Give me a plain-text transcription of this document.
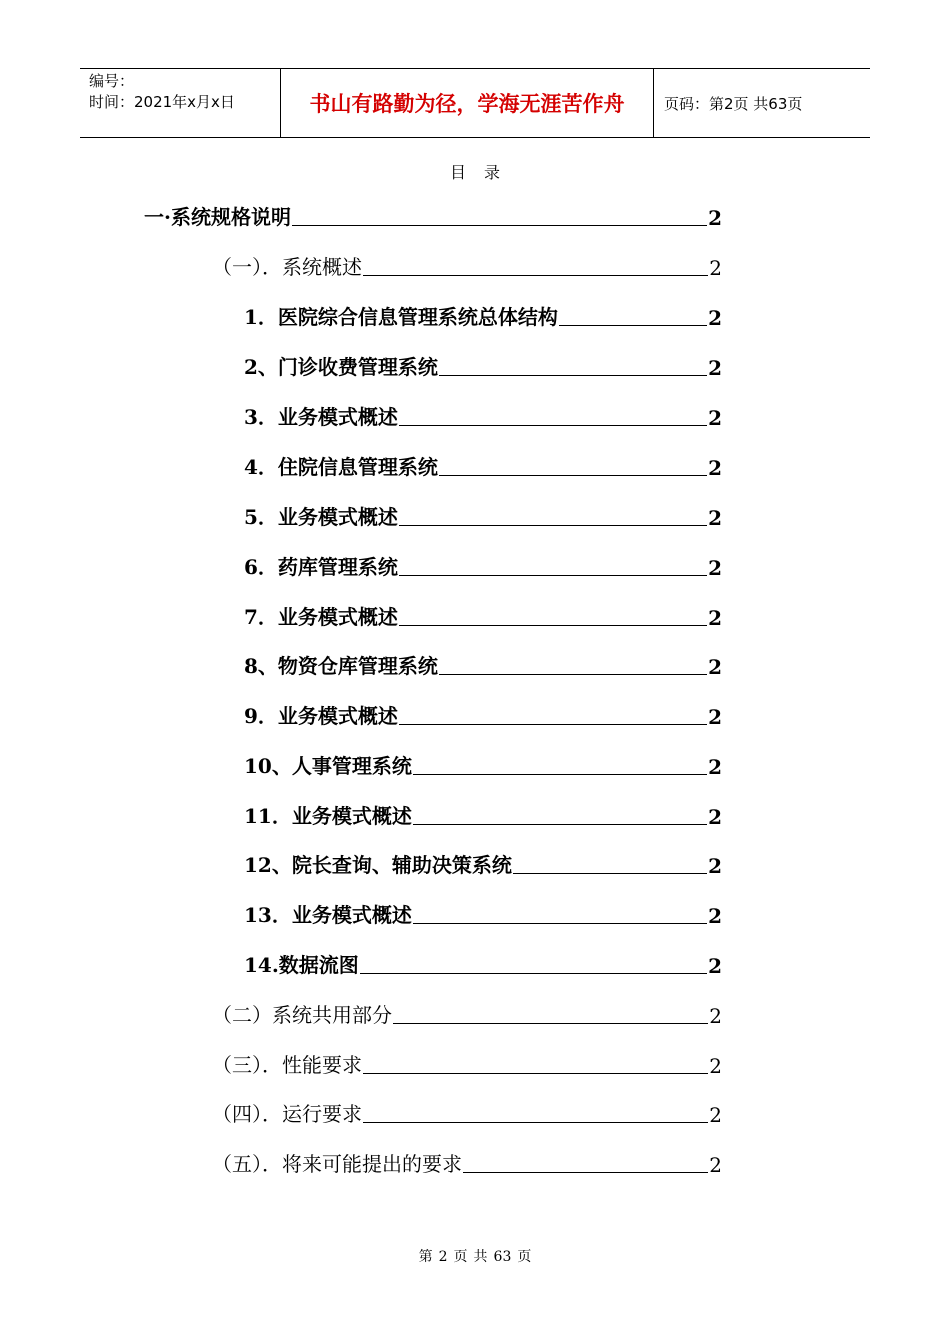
编号：
时间：2021年x月x日	书山有路勤为径，学海无涯苦作舟	页码：第2页 共63页
目录
一·系统规格说明	2
（一）．系统概述	2
1．医院综合信息管理系统总体结构	2
2、门诊收费管理系统	2
3．业务模式概述	2
4．住院信息管理系统	2
5．业务模式概述	2
6．药库管理系统	2
7．业务模式概述	2
8、物资仓库管理系统	2
9．业务模式概述	2
10、人事管理系统	2
11．业务模式概述	2
12、院长查询、辅助决策系统	2
13．业务模式概述	2
14.数据流图	2
（二）系统共用部分	2
（三）．性能要求	2
（四）．运行要求	2
（五）．将来可能提出的要求	2
第 2 页 共 63 页
